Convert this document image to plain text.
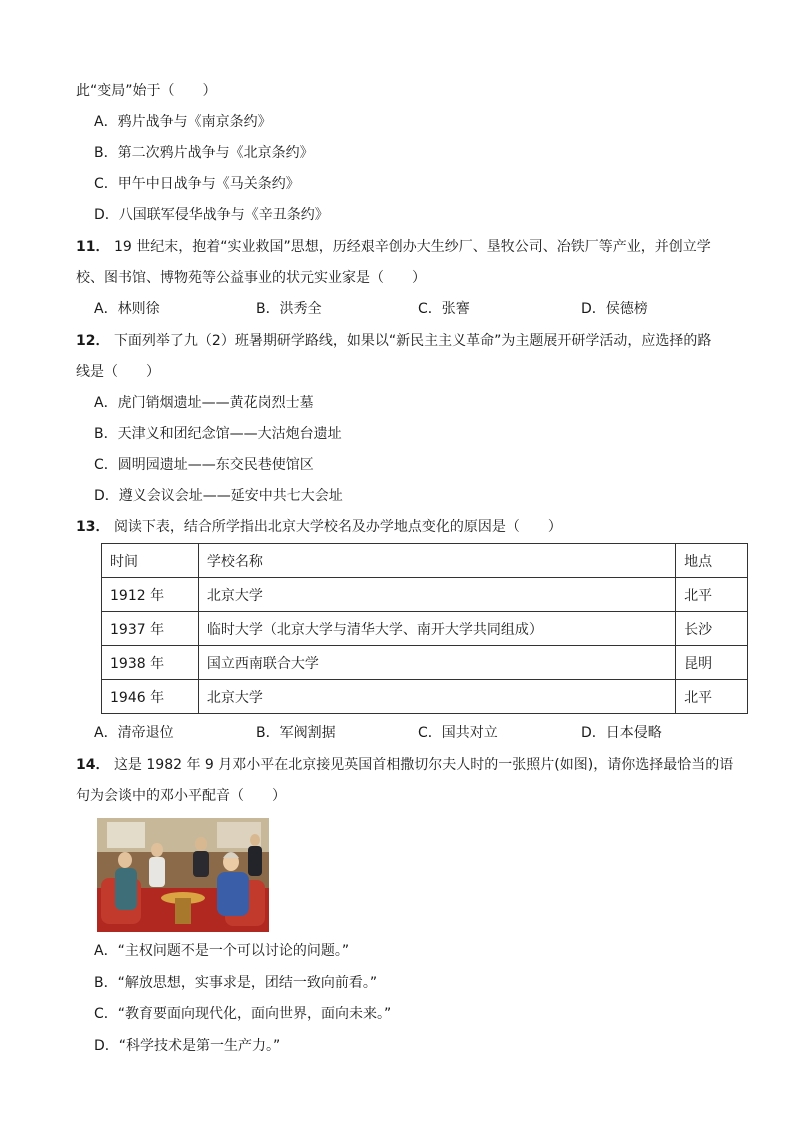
此“变局”始于（　　）
A．鸦片战争与《南京条约》
B．第二次鸦片战争与《北京条约》
C．甲午中日战争与《马关条约》
D．八国联军侵华战争与《辛丑条约》
11． 19 世纪末，抱着“实业救国”思想，历经艰辛创办大生纱厂、垦牧公司、冶铁厂等产业，并创立学
校、图书馆、博物苑等公益事业的状元实业家是（　　）
A．林则徐	B．洪秀全	C．张謇	D．侯德榜
12． 下面列举了九（2）班暑期研学路线，如果以“新民主主义革命”为主题展开研学活动，应选择的路
线是（　　）
A．虎门销烟遗址——黄花岗烈士墓
B．天津义和团纪念馆——大沽炮台遗址
C．圆明园遗址——东交民巷使馆区
D．遵义会议会址——延安中共七大会址
13． 阅读下表，结合所学指出北京大学校名及办学地点变化的原因是（　　）
时间	学校名称	地点
1912 年	北京大学	北平
1937 年	临时大学（北京大学与清华大学、南开大学共同组成）	长沙
1938 年	国立西南联合大学	昆明
1946 年	北京大学	北平
A．清帝退位	B．军阀割据	C．国共对立	D．日本侵略
14． 这是 1982 年 9 月邓小平在北京接见英国首相撒切尔夫人时的一张照片(如图)，请你选择最恰当的语
句为会谈中的邓小平配音（　　）
A．“主权问题不是一个可以讨论的问题。”
B．“解放思想，实事求是，团结一致向前看。”
C．“教育要面向现代化，面向世界，面向未来。”
D．“科学技术是第一生产力。”
